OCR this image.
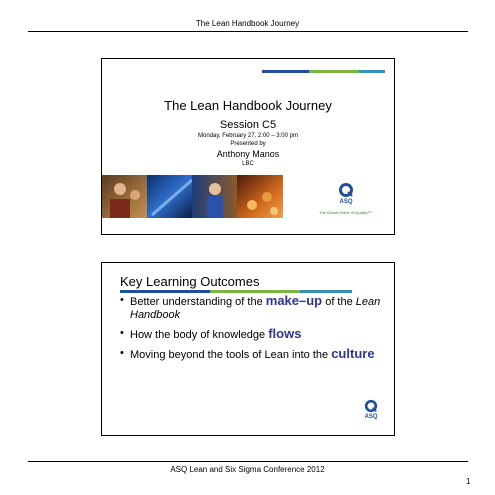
The Lean Handbook Journey
The Lean Handbook Journey
Session C5
Monday, February 27, 2:00 – 3:00 pm
Presented by
Anthony Manos
LBC
ASQ
The Global Voice of Quality™
Key Learning Outcomes
• Better understanding of the make–up of the Lean Handbook
• How the body of knowledge flows
• Moving beyond the tools of Lean into the culture
ASQ
ASQ Lean and Six Sigma Conference 2012
1
